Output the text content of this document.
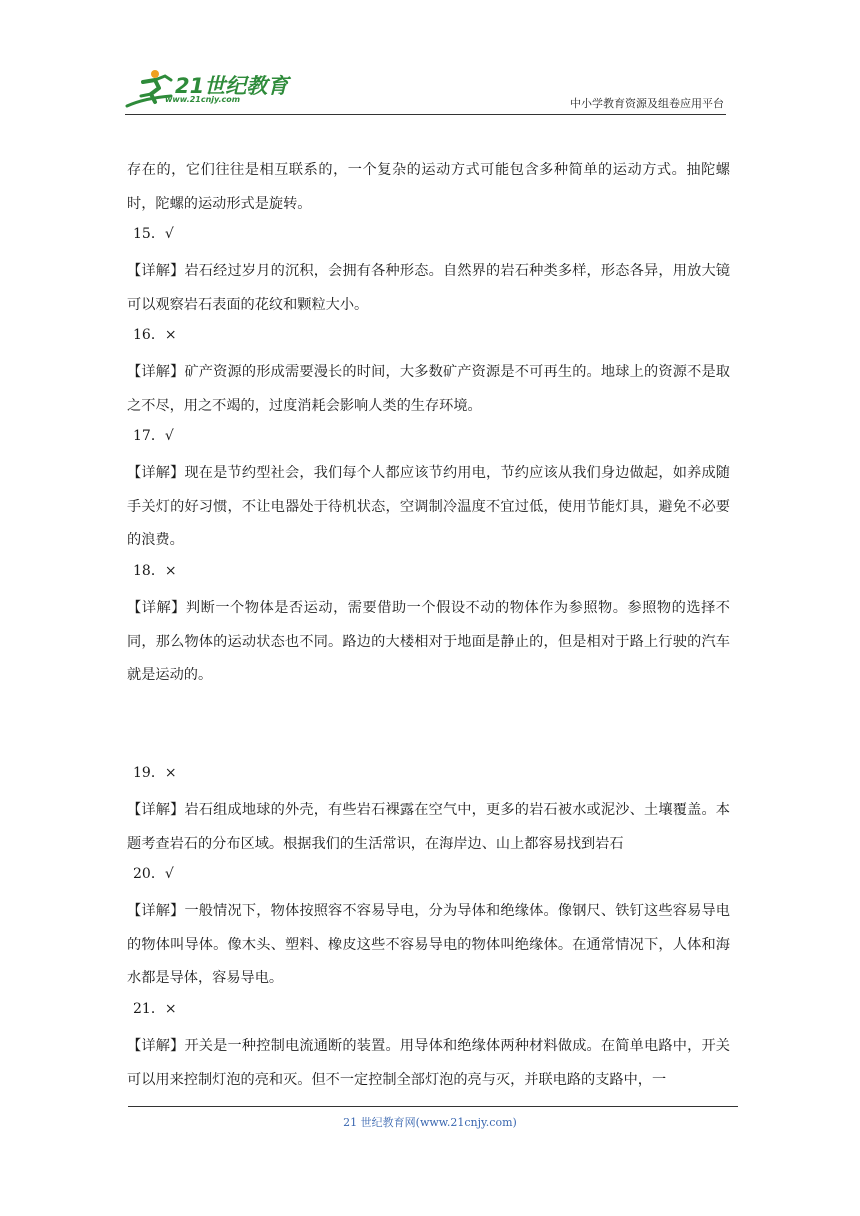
21世纪教育
www.21cnjy.com	中小学教育资源及组卷应用平台
存在的，它们往往是相互联系的，一个复杂的运动方式可能包含多种简单的运动方式。抽陀螺时，陀螺的运动形式是旋转。
15．√
【详解】岩石经过岁月的沉积，会拥有各种形态。自然界的岩石种类多样，形态各异，用放大镜可以观察岩石表面的花纹和颗粒大小。
16．×
【详解】矿产资源的形成需要漫长的时间，大多数矿产资源是不可再生的。地球上的资源不是取之不尽，用之不竭的，过度消耗会影响人类的生存环境。
17．√
【详解】现在是节约型社会，我们每个人都应该节约用电，节约应该从我们身边做起，如养成随手关灯的好习惯，不让电器处于待机状态，空调制冷温度不宜过低，使用节能灯具，避免不必要的浪费。
18．×
【详解】判断一个物体是否运动，需要借助一个假设不动的物体作为参照物。参照物的选择不同，那么物体的运动状态也不同。路边的大楼相对于地面是静止的，但是相对于路上行驶的汽车就是运动的。
19．×
【详解】岩石组成地球的外壳，有些岩石裸露在空气中，更多的岩石被水或泥沙、土壤覆盖。本题考查岩石的分布区域。根据我们的生活常识，在海岸边、山上都容易找到岩石
20．√
【详解】一般情况下，物体按照容不容易导电，分为导体和绝缘体。像钢尺、铁钉这些容易导电的物体叫导体。像木头、塑料、橡皮这些不容易导电的物体叫绝缘体。在通常情况下，人体和海水都是导体，容易导电。
21．×
【详解】开关是一种控制电流通断的装置。用导体和绝缘体两种材料做成。在简单电路中，开关可以用来控制灯泡的亮和灭。但不一定控制全部灯泡的亮与灭，并联电路的支路中，一
21 世纪教育网(www.21cnjy.com)
